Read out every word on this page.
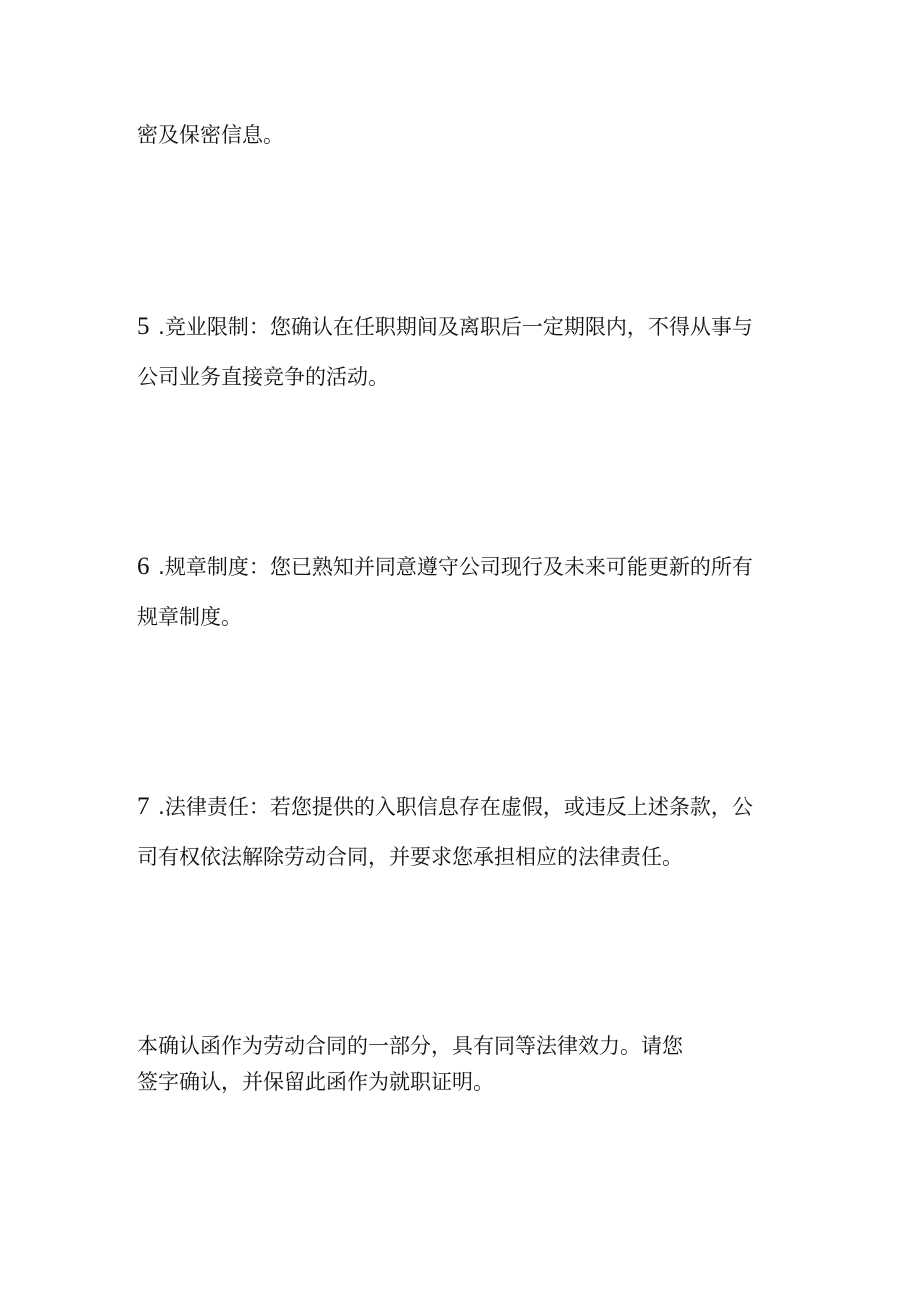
密及保密信息。
5 .竞业限制：您确认在任职期间及离职后一定期限内，不得从事与
公司业务直接竞争的活动。
6 .规章制度：您已熟知并同意遵守公司现行及未来可能更新的所有
规章制度。
7 .法律责任：若您提供的入职信息存在虚假，或违反上述条款，公
司有权依法解除劳动合同，并要求您承担相应的法律责任。
本确认函作为劳动合同的一部分，具有同等法律效力。请您
签字确认，并保留此函作为就职证明。
